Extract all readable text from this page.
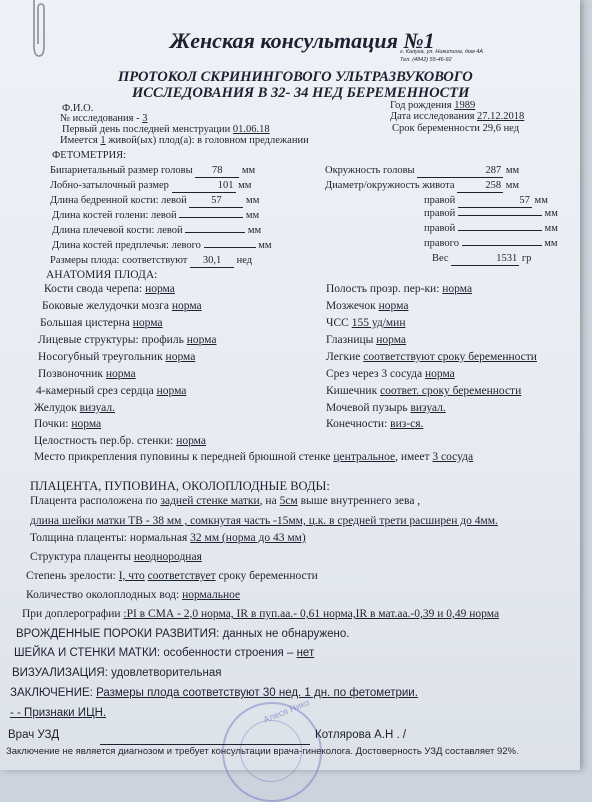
Женская консультация №1
г. Калуга, ул. Никитина, дом 4А
Тел. (4842) 55-46-92
ПРОТОКОЛ СКРИНИНГОВОГО УЛЬТРАЗВУКОВОГО
ИССЛЕДОВАНИЯ В 32- 34 НЕД БЕРЕМЕННОСТИ
Ф.И.О.	Год рождения 1989
№ исследования - 3	Дата исследования 27.12.2018
Первый день последней менструации 01.06.18	Срок беременности 29,6 нед
Имеется 1 живой(ых) плод(а): в головном предлежании
ФЕТОМЕТРИЯ:
Бипариетальный размер головы 78 мм	Окружность головы	287 мм
Лобно-затылочный размер	101 мм	Диаметр/окружность живота	258 мм
Длина бедренной кости: левой 57 мм	правой	57 мм
Длина костей голени: левой	мм	правой	мм
Длина плечевой кости: левой	мм	правой	мм
Длина костей предплечья: левого	мм	правого	мм
Размеры плода: соответствуют 30,1 нед	Вес	1531 гр
АНАТОМИЯ ПЛОДА:
Кости свода черепа: норма
Боковые желудочки мозга норма
Большая цистерна норма
Лицевые структуры: профиль норма
Носогубный треугольник норма
Позвоночник норма
4-камерный срез сердца норма
Желудок визуал.
Почки: норма
Целостность пер.бр. стенки: норма
Полость прозр. пер-ки: норма
Мозжечок норма
ЧСС 155 уд/мин
Глазницы норма
Легкие соответствуют сроку беременности
Срез через 3 сосуда норма
Кишечник соответ. сроку беременности
Мочевой пузырь визуал.
Конечности: виз-ся.
Место прикрепления пуповины к передней брюшной стенке центральное, имеет 3 сосуда
ПЛАЦЕНТА, ПУПОВИНА, ОКОЛОПЛОДНЫЕ ВОДЫ:
Плацента расположена по задней стенке матки, на 5см выше внутреннего зева ,
длина шейки матки ТВ - 38 мм , сомкнутая часть -15мм, ц.к. в средней трети расширен до 4мм.
Толщина плаценты: нормальная 32 мм (норма до 43 мм)
Структура плаценты неоднородная
Степень зрелости: I, что соответствует сроку беременности
Количество околоплодных вод: нормальное
При доплерографии :PI в СМА - 2,0 норма, IR в пуп.аа.- 0,61 норма,IR в мат.аа.-0,39 и 0,49 норма
ВРОЖДЕННЫЕ ПОРОКИ РАЗВИТИЯ: данных не обнаружено.
ШЕЙКА И СТЕНКИ МАТКИ: особенности строения – нет
ВИЗУАЛИЗАЦИЯ: удовлетворительная
ЗАКЛЮЧЕНИЕ: Размеры плода соответствуют 30 нед. 1 дн. по фетометрии.
- - Признаки ИЦН.	Алеся Нико
Врач УЗД	Котлярова А.Н . /
Заключение не является диагнозом и требует консультации врача-гинеколога. Достоверность УЗД составляет 92%.
